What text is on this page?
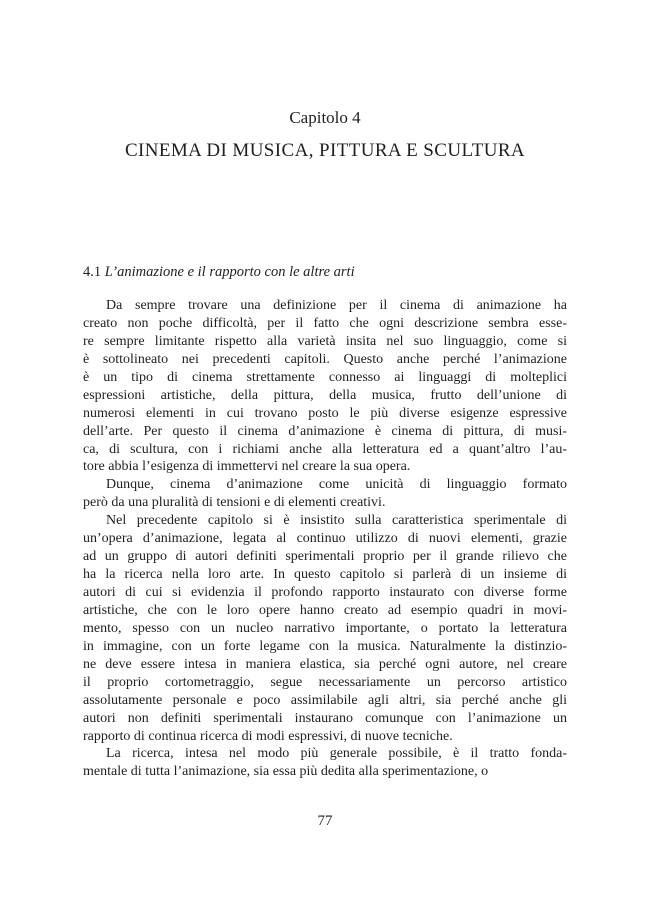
Capitolo 4
CINEMA DI MUSICA, PITTURA E SCULTURA
4.1 L’animazione e il rapporto con le altre arti
Da sempre trovare una definizione per il cinema di animazione ha
creato non poche difficoltà, per il fatto che ogni descrizione sembra esse-
re sempre limitante rispetto alla varietà insita nel suo linguaggio, come si
è sottolineato nei precedenti capitoli. Questo anche perché l’animazione
è un tipo di cinema strettamente connesso ai linguaggi di molteplici
espressioni artistiche, della pittura, della musica, frutto dell’unione di
numerosi elementi in cui trovano posto le più diverse esigenze espressive
dell’arte. Per questo il cinema d’animazione è cinema di pittura, di musi-
ca, di scultura, con i richiami anche alla letteratura ed a quant’altro l’au-
tore abbia l’esigenza di immettervi nel creare la sua opera.
Dunque, cinema d’animazione come unicità di linguaggio formato
però da una pluralità di tensioni e di elementi creativi.
Nel precedente capitolo si è insistito sulla caratteristica sperimentale di
un’opera d’animazione, legata al continuo utilizzo di nuovi elementi, grazie
ad un gruppo di autori definiti sperimentali proprio per il grande rilievo che
ha la ricerca nella loro arte. In questo capitolo si parlerà di un insieme di
autori di cui si evidenzia il profondo rapporto instaurato con diverse forme
artistiche, che con le loro opere hanno creato ad esempio quadri in movi-
mento, spesso con un nucleo narrativo importante, o portato la letteratura
in immagine, con un forte legame con la musica. Naturalmente la distinzio-
ne deve essere intesa in maniera elastica, sia perché ogni autore, nel creare
il proprio cortometraggio, segue necessariamente un percorso artistico
assolutamente personale e poco assimilabile agli altri, sia perché anche gli
autori non definiti sperimentali instaurano comunque con l’animazione un
rapporto di continua ricerca di modi espressivi, di nuove tecniche.
La ricerca, intesa nel modo più generale possibile, è il tratto fonda-
mentale di tutta l’animazione, sia essa più dedita alla sperimentazione, o
77
